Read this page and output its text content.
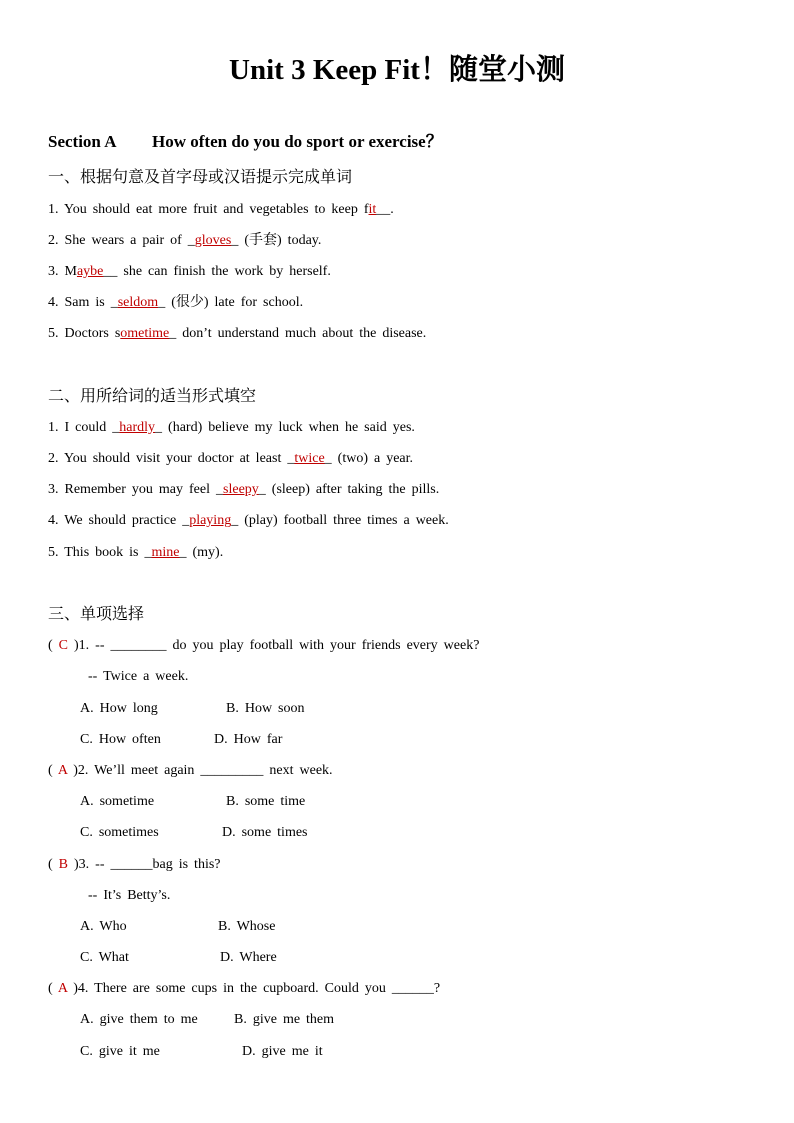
Unit 3 Keep Fit！随堂小测
Section A How often do you do sport or exercise？
一、根据句意及首字母或汉语提示完成单词
1. You should eat more fruit and vegetables to keep fit__.
2. She wears a pair of _gloves_ (手套) today.
3. Maybe__ she can finish the work by herself.
4. Sam is _seldom_ (很少) late for school.
5. Doctors sometime_ don’t understand much about the disease.
二、用所给词的适当形式填空
1. I could _hardly_ (hard) believe my luck when he said yes.
2. You should visit your doctor at least _twice_ (two) a year.
3. Remember you may feel _sleepy_ (sleep) after taking the pills.
4. We should practice _playing_ (play) football three times a week.
5. This book is _mine_ (my).
三、单项选择
( C )1. -- ________ do you play football with your friends every week?
-- Twice a week.
A. How long	B. How soon
C. How often	D. How far
( A )2. We’ll meet again _________ next week.
A. sometime	B. some time
C. sometimes	D. some times
( B )3. -- ______bag is this?
-- It’s Betty’s.
A. Who	B. Whose
C. What	D. Where
( A )4. There are some cups in the cupboard. Could you ______?
A. give them to me	B. give me them
C. give it me	D. give me it
